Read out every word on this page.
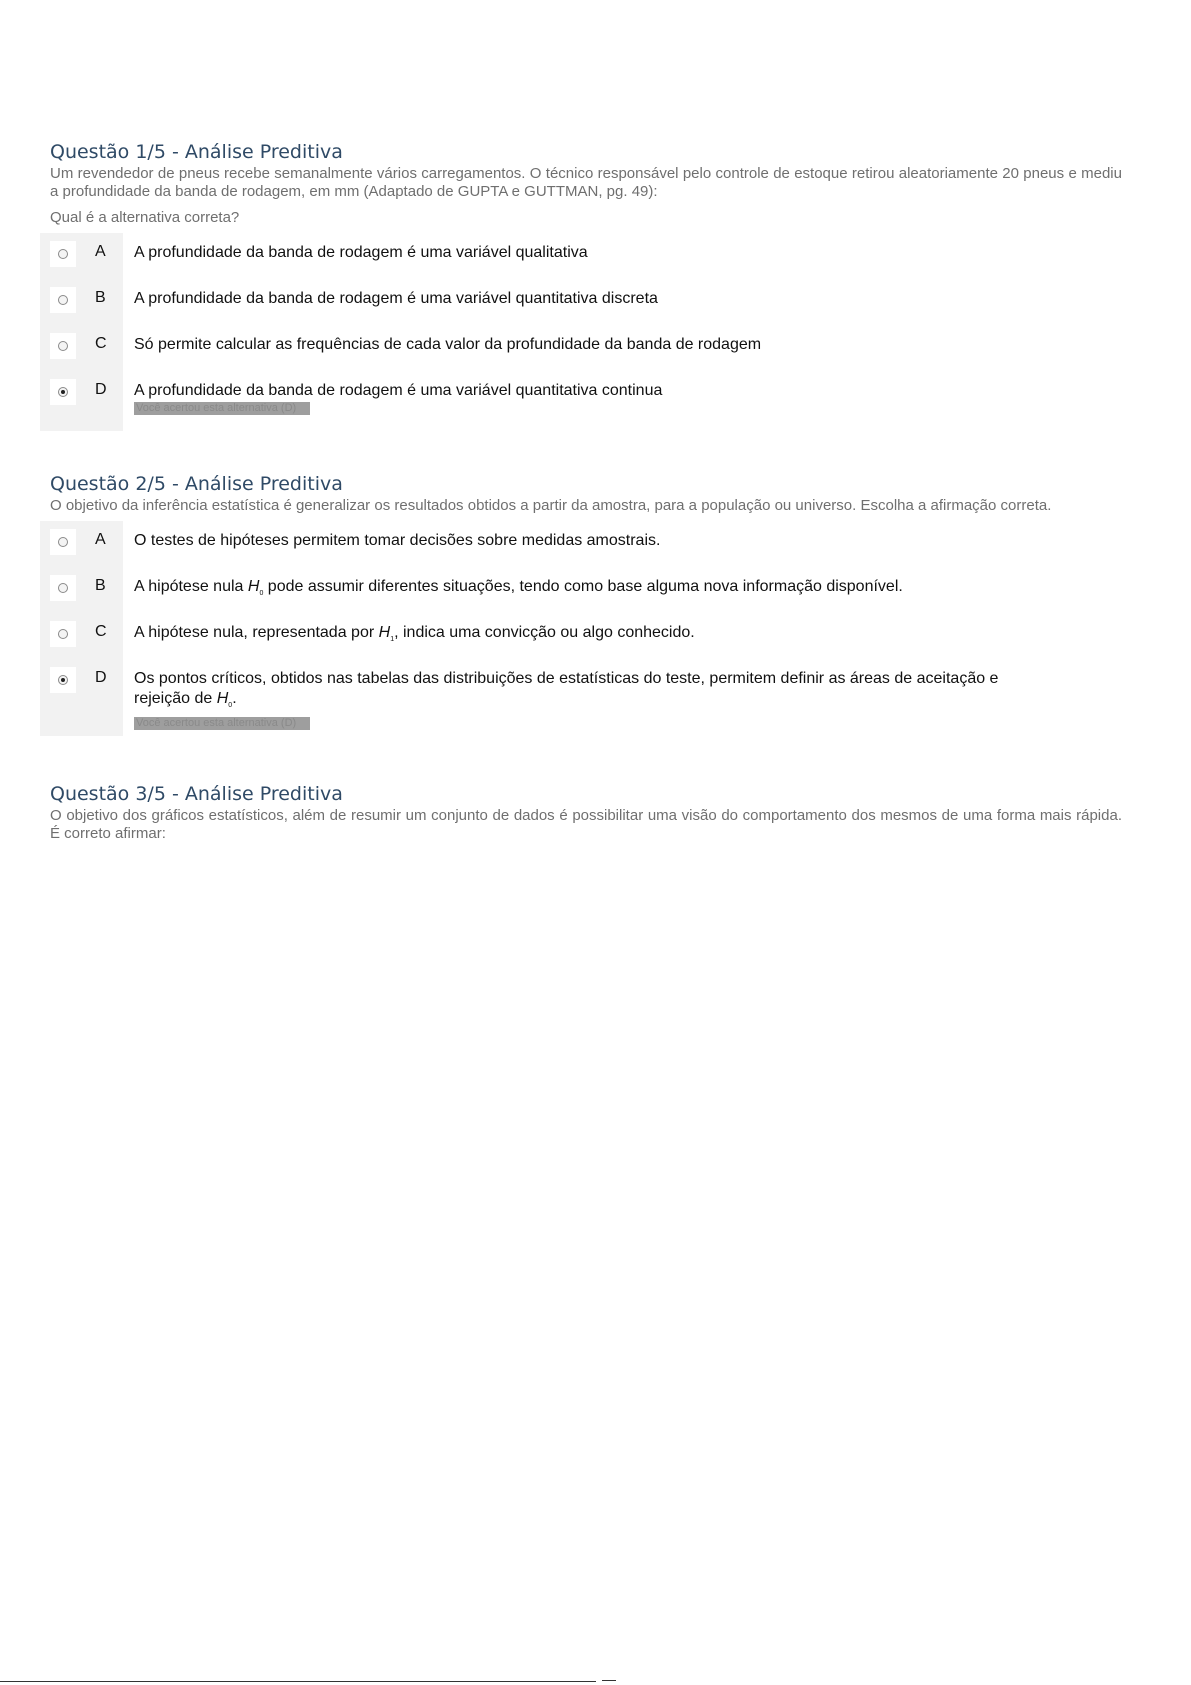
Questão 1/5 - Análise Preditiva

Um revendedor de pneus recebe semanalmente vários carregamentos. O técnico responsável pelo controle de estoque retirou aleatoriamente 20 pneus e mediu a profundidade da banda de rodagem, em mm (Adaptado de GUPTA e GUTTMAN, pg. 49):

Qual é a alternativa correta?

A	A profundidade da banda de rodagem é uma variável qualitativa
B	A profundidade da banda de rodagem é uma variável quantitativa discreta
C	Só permite calcular as frequências de cada valor da profundidade da banda de rodagem
D	A profundidade da banda de rodagem é uma variável quantitativa continua
Você acertou esta alternativa (D)
Questão 2/5 - Análise Preditiva

O objetivo da inferência estatística é generalizar os resultados obtidos a partir da amostra, para a população ou universo. Escolha a afirmação correta.

A	O testes de hipóteses permitem tomar decisões sobre medidas amostrais.
B	A hipótese nula $H_0$ pode assumir diferentes situações, tendo como base alguma nova informação disponível.
C	A hipótese nula, representada por $H_1$, indica uma convicção ou algo conhecido.
D	Os pontos críticos, obtidos nas tabelas das distribuições de estatísticas do teste, permitem definir as áreas de aceitação e rejeição de $H_0$.
Você acertou esta alternativa (D)
Questão 3/5 - Análise Preditiva

O objetivo dos gráficos estatísticos, além de resumir um conjunto de dados é possibilitar uma visão do comportamento dos mesmos de uma forma mais rápida. É correto afirmar:
